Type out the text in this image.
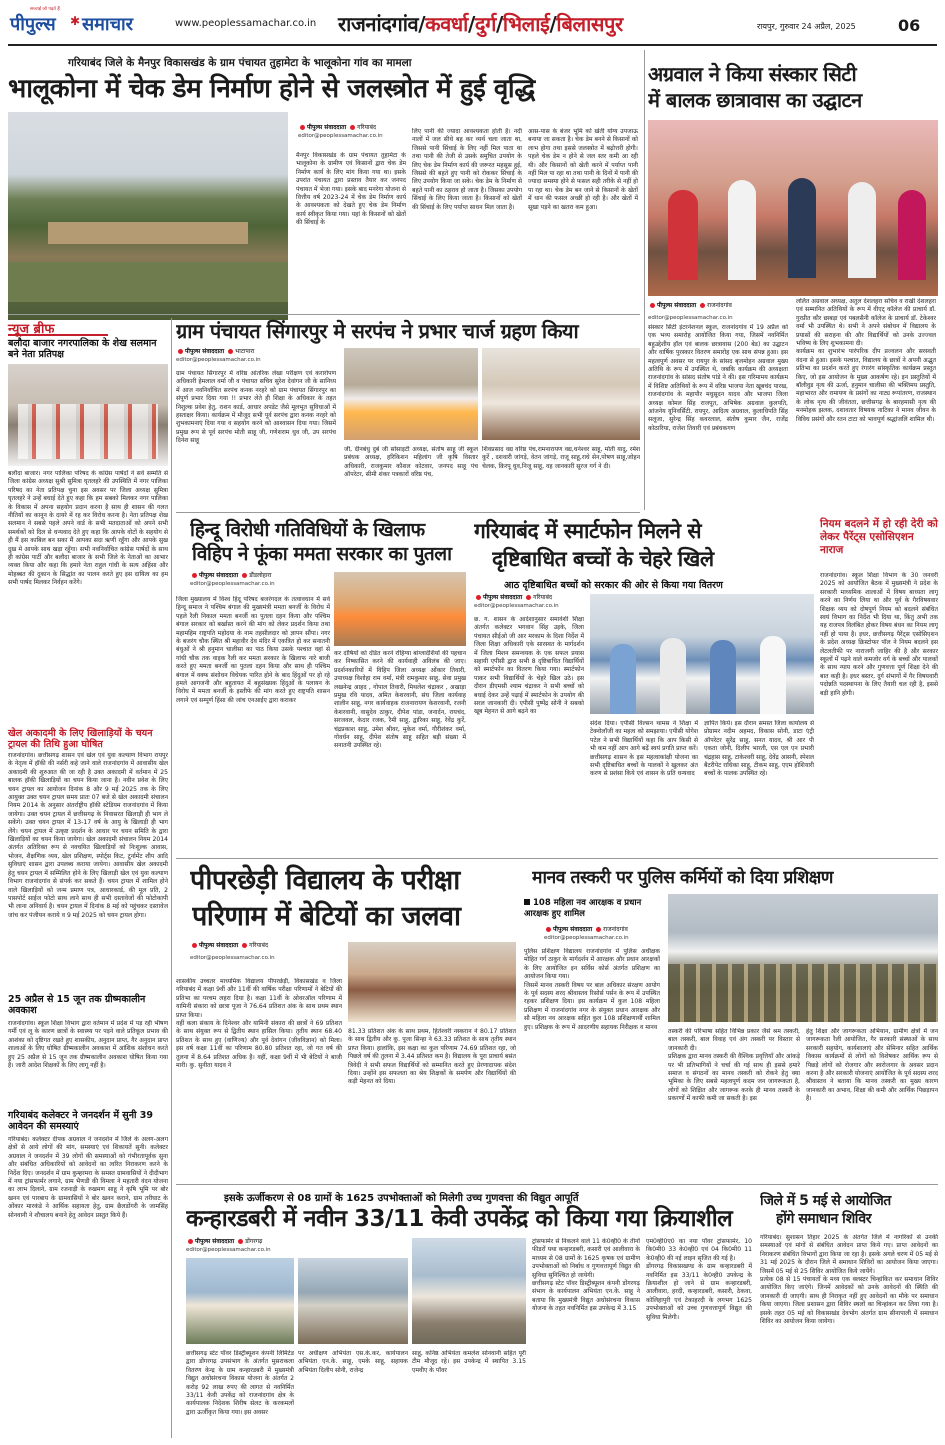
सच्चाई जो पढ़ते हैं
पीपुल्स ✱ समाचार	www.peoplessamachar.co.in राजनांदगांव/कवर्धा/दुर्ग/भिलाई/बिलासपुर	रायपुर, गुरुवार 24 अप्रैल, 2025	06
गरियाबंद जिले के मैनपुर विकासखंड के ग्राम पंचायत तुहामेटा के भालूकोना गांव का मामला
भालूकोना में चेक डेम निर्माण होने से जलस्त्रोत में हुई वृद्धि
पीपुल्स संवाददाता गरियाबंद
editor@peoplessamachar.co.in
मैनपुर विकासखंड के ग्राम पंचायत तुहामेटा के भालूकोना के ग्रामीण एवं किसानों द्वारा चेक डेम निर्माण कार्य के लिए मांग किया गया था। इसके उपरांत पंचायत द्वारा प्रस्ताव तैयार कर जनपद पंचायत में भेजा गया। इसके बाद मनरेगा योजना से वित्तीय वर्ष 2023-24 में चेक डेम निर्माण कार्य के आवश्यकता को देखते हुए चेक डेम निर्माण कार्य स्वीकृत किया गया। यहां के किसानों को खेतों की सिंचाई के
लिए पानी की ज्यादा आवश्यकता होती है। नदी नालों में जल सीधे बह कर व्यर्थ चला जाता था, जिससे पानी सिंचाई के लिए नहीं मिल पाता था तथा पानी की तेजी से उसके समुचित उपयोग के लिए चेक डेम निर्माण कार्य की जरूरत महसूस हुई, जिससे की बहते हुए पानी को रोककर सिंचाई के लिए उपयोग किया जा सके। चेक डेम के निर्माण से बहते पानी का ठहराव हो जाता है। जिसका उपयोग सिंचाई के लिए किया जाता है। किसानों को खेतों की सिंचाई के लिए पर्याप्त साधन मिल जाता है।
आस-पास के बंजर भूमि को खेती योग्य उपजाऊ बनाया जा सकता है। चेक डेम बनने से किसानों को लाभ होगा तथा इससे जलस्त्रोत में बढ़ोत्तरी होगी। पहले चेक डेम न होने से जल स्तर कमी आ रही थी। और किसानों को खेती करने में पर्याप्त पानी नहीं मिल पा रहा था तथा पानी के दिनों में पानी की ज्यादा समस्या होने से फसल सही तरीके से नहीं हो पा रहा था। चेक डेम बन जाने से किसानों के खेतों में धान की फसल अच्छी हो रही है। और खेतों में सूखा पड़ने का खतरा कम हुआ।
अग्रवाल ने किया संस्कार सिटी
में बालक छात्रावास का उद्घाटन
पीपुल्स संवाददाता राजनांदगांव
editor@peoplessamachar.co.in
संस्कार सिटी इंटरनेशनल स्कूल, राजनांदगांव में 19 अप्रैल को एक भव्य समारोह आयोजित किया गया, जिसमें नवनिर्मित बहुउद्देशीय हॉल एवं बालक छात्रावास (200 बेड) का उद्घाटन और वार्षिक पुरस्कार वितरण समारोह एक साथ संपन्न हुआ। इस महत्वपूर्ण अवसर पर रायपुर के सांसद बृजमोहन अग्रवाल मुख्य अतिथि के रूप में उपस्थित थे, जबकि कार्यक्रम की अध्यक्षता राजनांदगांव के सांसद संतोष पांडे ने की। इस गरिमामय कार्यक्रम में विशिष्ट अतिथियों के रूप में वरिष्ठ भाजपा नेता खूबचंद पारख, राजनांदगांव के महापौर मधुसूदन यादव और भाजपा जिला अध्यक्ष कोमल सिंह राजपूत, अभिषेक अग्रवाल कुलपति, आंजनेय यूनिवर्सिटी, रायपुर, आदित्य अग्रवाल, कुलाधिपति सिंह सलूजा, सुरेन्द्र सिंह कवरलाल, संतोष कुमार जैन, राजेंद्र कोठारिया, राजेश तिवारी एवं प्रबंधकगण
ललित अग्रवाल अध्यक्ष, अतुल देशलहरा सचिव व राखी देशलहरा एवं सम्मानित अतिथियों के रूप में वीएट् कॉलेज की प्राचार्य डॉ. गुरप्रीत कौर छाबड़ा एवं पबलसैनी कॉलेज के प्राचार्य डॉ. टेकेश्वर वर्मा भी उपस्थित थे। सभी ने अपने संबोधन में विद्यालय के प्रयासों की सराहना की और विद्यार्थियों को उनके उज्ज्वल भविष्य के लिए शुभकामना दी।
कार्यक्रम का शुभारंभ पारंपरिक दीप प्रज्वलन और सरस्वती वंदना से हुआ। इसके पश्चात, विद्यालय के छात्रों ने अपनी अद्भुत प्रतिभा का प्रदर्शन करते हुए रंगारंग सांस्कृतिक कार्यक्रम प्रस्तुत किए, जो इस आयोजन के मुख्य आकर्षण रहे। इन प्रस्तुतियों में बॉलीवुड नृत्य की ऊर्जा, हनुमान चालीसा की भक्तिमय प्रस्तुति, महाभारत और रामायण के प्रसंगों का नाट्य रूपांतरण, राजस्थान के लोक नृत्य की जीवंतता, छत्तीसगढ़ के बारहमासी नृत्य की मनमोहक झलक, दशावतार विषयक नाटिका ने मानव जीवन के विविध प्रसंगों और रतन टाटा को भावपूर्ण श्रद्धांजलि शामिल थी।
न्यूज ब्रीफ
बलौदा बाजार नगरपालिका के शेख सलमान बने नेता प्रतिपक्ष
बलौदा बाजार। नगर पालिका परिषद के कांग्रेस पार्षदों ने सर्व सम्मति से जिला कांग्रेस अध्यक्ष सुश्री सुमित्रा घृतलहरे की उपस्थिति में नगर पालिका परिषद का नेता प्रतिपक्ष चुना इस अवसर पर जिला अध्यक्ष सुमित्रा घृतलहरे ने उन्हें बधाई देते हुए कहा कि हम सबको मिलकर नगर पालिका के विकास में अपना सहयोग प्रदान करना है साथ ही शासन की गलत नीतियों का कानून के दायरे में रह कर विरोध करना है। नेता प्रतिपक्ष शेख सलमान ने सबसे पहले अपने वार्ड के सभी मतदाताओं को अपने सभी समर्थकों को दिल से धन्यवाद देते हुए कहा कि आपके वोटों के सहयोग से ही मैं इस काबिल बन सका मैं आपका सदा ऋणी रहूँगा और आपके सुख दुख मे आपके साथ खड़ा रहूँगा। सभी नवनिर्वाचित कांग्रेस पार्षदों के साथ ही कांग्रेस पार्टी और बलौदा बाजार के सभी जिले के नेताओं का आभार व्यक्त किया और कहा कि हमारे नेता राहुल गांधी के सत्य अहिंसा और मोहब्बत की दुकान के सिद्धांत का पालन करते हुए इस दायित्व का हम सभी पार्षद मिलकर निर्वहन करेंगे।
खेल अकादमी के लिए खिलाड़ियों के चयन ट्रायल की तिथि हुआ घोषित
राजनांदगांव। छत्तीसगढ़ शासन एवं खेल एवं युवा कल्याण विभाग रायपुर के नेतृत्व में हॉकी की नर्सरी कहे जाने वाले राजनांदगांव में आवासीय खेल अकादमी की शुरुआत की जा रही है उक्त अकादमी में वर्तमान में 25 बालक हॉकी खिलाड़ियों का चयन किया जाना है। नवीन प्रवेश के लिए चयन ट्रायल का आयोजन दिनांक 8 और 9 मई 2025 तक के लिए आयुक्त उक्त चयन ट्रायल समय प्रातः 07 बजे से खेल अकादमी संचालन नियम 2014 के अनुसार अंतर्राष्ट्रीय हॉकी स्टेडियम राजनांदगांव में किया जायेगा। उक्त चयन ट्रायल में छत्तीसगढ़ के निवासरत खिलाड़ी ही भाग ले सकेंगे। उक्त चयन ट्रायल में 13-17 वर्ष के आयु के खिलाड़ी ही भाग लेंगे। चयन ट्रायल में उत्कृष्ट प्रदर्शन के आधार पर चयन समिति के द्वारा खिलाड़ियों का चयन किया जायेगा। खेल अकादमी संचालन नियम 2014 अंतर्गत अतिरिक्त रूप से नवचयित खिलाड़ियों को निःशुल्क आवास, भोजन, शैक्षणिक व्यय, खेल प्रशिक्षण, स्पोर्ट्स किट, टूर्नामेंट शीप आदि सुविधाएं शासन द्वारा उपलब्ध कराया जायेगा। आवासीय खेल अकादमी हेतु चयन ट्रायल में सम्मिलित होने के लिए खिलाड़ी खेल एवं युवा कल्याण विभाग राजनांदगांव से संपर्क कर सकते हैं। चयन ट्रायल में शामिल होने वाले खिलाड़ियों को जन्म प्रमाण पत्र, आधारकार्ड, की मूल प्रति, 2 पासपोर्ट साईज फोटो साथ लाने साथ ही सभी दस्तावेजों की फोटोकापी भी लाना अनिवार्य है। चयन ट्रायल में दिनांक 8 मई को पहुंचकर दस्तावेज जांच कर पंजीयन कराये व 9 मई 2025 को चयन ट्रायल होगा।
25 अप्रैल से 15 जून तक ग्रीष्मकालीन अवकाश
राजनांदगांव। स्कूल शिक्षा विभाग द्वारा वर्तमान में प्रदेश में पड़ रही भीषण गर्मी एवं लू के कारण छात्रों के स्वास्थ्य पर पड़ने वाले प्रतिकूल प्रभाव की आशंका को दृष्टिगत रखते हुए शासकीय, अनुदान प्राप्त, गैर अनुदान प्राप्त शालाओं के लिए घोषित ग्रीष्मकालीन अवकाश में आंशिक संशोधन करते हुए 25 अप्रैल से 15 जून तक ग्रीष्मकालीन अवकाश घोषित किया गया है। जारी आदेश शिक्षकों के लिए लागू नहीं है।
गरियाबंद कलेक्टर ने जनदर्शन में सुनी 39 आवेदन की समस्याएं
गरियाबंद। कलेक्टर दीपक अग्रवाल ने जनदर्शन में जिले के अलग-अलग क्षेत्रों से आये लोगों की मांग, समस्याएं एवं शिकायतें सुनी। कलेक्टर अग्रवाल ने जनदर्शन में 39 लोगों की समस्याओं को गंभीरतापूर्वक सुना और संबंधित अधिकारियों को आवेदनों का त्वरित निराकरण करने के निर्देश दिए। जनदर्शन में ग्राम कुम्हरमरा के समस्त ग्रामवासियों ने दीदीभाग में नया ट्रांसफार्मर लगाने, ग्राम भैणडी की विमला ने महतारी वंदन योजना का लाभ दिलाने, ग्राम रजनाड़ी के रुखमण साहू ने कृषि भूमि पर बोर खनन एवं पारबाय के ग्रामवासियों ने बोर खनन कराने, ग्राम तरीघाट के ओंकार मारकंडे ने आर्थिक सहायता हेतु, ग्राम छैलडोंगरी के जामसिंह सोनवानी ने शौचालय बनाने हेतु आवेदन प्रस्तुत किये हैं।
ग्राम पंचायत सिंगारपुर मे सरपंच ने प्रभार चार्ज ग्रहण किया
पीपुल्स संवाददाता भाटापारा
editor@peoplessamachar.co.in
ग्राम पंचायत सिंगारपुर में वरिष्ठ आंतरिक लेखा परीक्षण एवं करारोपण अधिकारी हेमलाल वर्मा जी व पंचायत सचिव सुरेश देवांगन जी के सानिध्य में आज नवनिर्वाचित सरपंच कनक नरहरे को ग्राम पंचायत सिंगारपुर का संपूर्ण प्रभार दिया गया !! प्रभार लेते ही शिक्षा के अधिकार के तहत निशुल्क प्रवेश हेतु, राशन कार्ड, आधार अपडेट जैसे मूलभूत सुविधाओं में हस्ताक्षर किया। कार्यक्रम में मौजूद सभी पूर्व सरपंच द्वारा कनक नरहरे को शुभकामनाएं दिया गया व सहयोग करने को आश्वासन दिया गया। जिसमें प्रमुख रूप से पूर्व सरपंच मोती साहू जी, गणेशराम धुव जी, उप सरपंच दिनेश साहू
जी, दीनबंधु दुबे जी सोसाइटी अध्यक्ष, संतोष साहू जी स्कूल प्रबंधक अध्यक्ष, हरिकिशन महिलांग जी कृषि विस्तार अधिकारी, राजकुमार कौशल कोटवार, जनपद साहू पंच ऑपरेटर, सीमी शंकर पत्रकारों वरिष्ठ पंच,
शिवप्रसाद वद्य वरिष्ठ पंच,रामनारायण वद्य,धनेश्वर साहू, मोती यादु, रमेश कुर्रे , दशवारी जांगड़े, वेतन जांगड़े, राजू साहू,राधे सेन,पोषण साहू,जोहन चेलक, क़िरपू धुव,निजू साहू, वह जानकारी सूरज गर्ग ने दी।
हिन्दू विरोधी गतिविधियों के खिलाफ
विहिप ने फूंका ममता सरकार का पुतला
पीपुल्स संवाददाता डौंडलोहारा
editor@peoplessamachar.co.in
जिला मुख्यालय में विश्व हिंदू परिषद बजरंगदल के तत्वावधान में सर्व हिन्दू समाज ने पश्चिम बंगाल की मुख्यमंत्री ममता बनर्जी के विरोध में पहले रैली निकाल ममता बनर्जी का पुतला दहन किया और पश्चिम बंगाल सरकार को बर्खास्त करने की मांग को लेकर प्रदर्शन किया तथा महामहिम राष्ट्रपति महोदया के नाम तहसीलदार को ज्ञापन सौंपा। नगर के बजरंग चौक स्थित श्री महावीर देव मंदिर में एकत्रित हो कर सनातनी बंधुओं ने श्री हनुमान चालीसा का पाठ किया उसके पश्चात वहां से गांधी चौक तक वाइक रैली कर ममता सरकार के खिलाफ नारे बाजी करते हुए ममता बनर्जी का पुतला दहन किया और साथ ही पश्चिम बंगाल में वक्फ संशोधन विधेयक पारित होने के बाद हिंदुओं पर हो रहे हमले आगजनी और बहुतायत में बहुसंख्यक हिंदुओं के पलायन के विरोध में ममता बनर्जी के इस्तीफे की मांग करते हुए राष्ट्रपति शासन लगाने एवं सम्पूर्ण हिंसा की जांच एनआईए द्वारा कराकर
कर दोषियों को दंडित करने रोहिंग्या बांग्लादेशियों की पहचान कर निष्कासित करने की कार्यवाही अविलंब की जाए। प्रदर्शनकारियों में विहिप जिला अध्यक्ष ओंकार तिवारी, उपाध्यक्ष विशोहा राम वर्मा, मंत्री रामकुमार साहू, सेवा प्रमुख लखनेन्द्र आहद , गोपाल तिवारी, मिथलेश चंद्राकर , अखाड़ा प्रमुख रवि यादव, अमित केशरवानी, संघ जिला कार्यवाह शालीन साहू, नगर कार्यवाहक राजनारायण केशरवानी, रजनी केशरवानी, वासुदेव ठाकुर, दीपेश पांडा, जनार्दन, रायचंद, सरजवल, केदार रजक, रैमी साहू, द्वारिका साहू, रेवेंद्र कुर्रे, चंद्रप्रकाश साहू, उमेश श्रीवर, मुकेश वर्मा, गौरीशंकर वर्मा, गोवर्धन साहू, दीपेश संतोष साहू सहित बड़ी संख्या में सनातनी उपस्थित रहे।
गरियाबंद में स्मार्टफोन मिलने से
दृष्टिबाधित बच्चों के चेहरे खिले
आठ दृष्टिबाधित बच्चों को सरकार की ओर से किया गया वितरण
पीपुल्स संवाददाता गरियाबंद
editor@peoplessamachar.co.in
छ. ग. शासन के आदेशानुसार समावेशी शिक्षा अंतर्गत कलेक्टर भगवान सिंह उइके, जिला पंचायत सीईओ जी आर मरकाम के दिशा निर्देश में जिला शिक्षा अधिकारी एके सारस्वत के मार्गदर्शन में जिला मिशन समन्वयक के एक सफल प्रयास सहायी एपीसी द्वारा सभी 8 दृष्टिबाधित विद्यार्थियों को स्मार्टफोन का वितरण किया गया। स्मार्टफोन पाकर सभी विद्यार्थियों के चेहरे खिल उठे। इस दौरान डीएमसी श्याम चंद्राकर ने सभी बच्चों को बधाई देकर उन्हें पढ़ाई में स्मार्टफोन के उपयोग की सरल जानकारी दी। एपीसी पुष्पेंद्र सोनी ने सबको खूब मेहनत से आगे बढ़ने का
संदेश दिया। एपीसी विल्सन थामस ने शिक्षा में टेक्नोलॉजी का महत्व को समझाया। एपीसी योगेश पटेल ने सभी विद्यार्थियों कहा कि आप किसी से भी कम नहीं आप आगे बढ़ें स्वयं प्रगति प्राप्त करें। छत्तीसगढ़ शासन के इस महत्वाकांक्षी योजना का सभी दृष्टिबाधित बच्चों के पालकों ने खुलकर अंत करण से प्रशंसा किये एवं शासन के प्रति धन्यवाद
ज्ञापित किये। इस दौरान समस्त जिला कार्यालय से प्रोग्रामर नदीम अहमद, विकास सोनी, डाटा एंट्री ऑपरेटर सुरेंद्र साहू, सनत यादव, श्री आर पी एकता जोनी, दिलीप भारती, एस एल एन प्रभारी चंद्रहास साहू, टाकेश्वरी साहू, देवेंद्र आसनी, स्पेशल बैटरीपेट राधिका साहू, टीकम साहू, एएम होशियारी बच्चों के पालक उपस्थित रहे।
नियम बदलने में हो रही देरी को लेकर पैरेंट्स एसोसिएशन नाराज
राजनांदगांव। स्कूल शिक्षा विभाग के 30 जनवरी 2025 को आयोजित बैठक में मुख्यमंत्री ने प्रदेश के सरकारी माध्यमिक शालाओं में विषय बाध्यता लागू करने का निर्णय लिया था और पूर्व के गैरविषयवार शिक्षक व्यय को दोषपूर्ण नियम को बदलने संबंधित स्वयं विभाग का निर्देश भी दिया था, किंतु अभी तक यह राजपत्र विलंबित होकर विषय बंधन का नियम लागू नहीं हो पाया है। इधर, छत्तीसगढ़ पैरेंट्स एसोसिएशन के प्रदेश अध्यक्ष क्रिस्टोफर पॉल ने नियम बदलने इस लेटलतीफी पर नाराजगी जाहिर की है और सरकार स्कूलों में पढ़ने वाले कमजोर वर्ग के बच्चों और पालकों के साथ न्याय करने और गुणवत्ता पूर्ण शिक्षा देने की बात कही है। इधर बस्तर, दुर्ग संभागों में गैर विषयवारी पदोन्नति पदस्थापना के लिए तैयारी चल रही है, इससे बड़ी हानि होगी।
पीपरछेड़ी विद्यालय के परीक्षा
परिणाम में बेटियों का जलवा
पीपुल्स संवाददाता गरियाबंद
editor@peoplessamachar.co.in
शासकीय उच्चतर माध्यमिक विद्यालय पीपरछेड़ी, विकासखंड व जिला गरियाबंद में कक्षा 9वीं और 11वीं की वार्षिक परीक्षा परिणामों ने बेटियों की प्रतिभा का परचम लहरा दिया है। कक्षा 11वीं के ओवरऑल परिणाम में यामिनी संकारा को छात्रा पूजा ने 76.64 प्रतिशत अंक के साथ प्रथम स्थान प्राप्त किया।
वहीं कला संकाय के दिनेश्वर और यामिनी संकारा की छात्रों ने 69 प्रतिशत के साथ संयुक्त रूप से द्वितीय स्थान हासिल किया। तृतीय स्थान 68.40 प्रतिशत के साथ हुए (वाणिज्य) और पूर्व देवांगन (जीवविज्ञान) को मिला। इस वर्ष कक्षा 11वीं का परिणाम 80.80 प्रतिशत रहा, जो गत वर्ष की तुलना में 8.64 प्रतिशत अधिक है। वहीं, कक्षा 9वीं में भी बेटियों ने बाजी मारी। कु. सुनीता यादव ने
81.33 प्रतिशत अंक के साथ प्रथम, हितेश्वरी नस्करान ने 80.17 प्रतिशत के साथ द्वितीय और कु. पूजा सिन्हा ने 63.33 प्रतिशत के साथ तृतीय स्थान प्राप्त किया। हालांकि, इस कक्षा का कुल परिणाम 74.69 प्रतिशत रहा, जो पिछले वर्ष की तुलना में 3.44 प्रतिशत कम है। विद्यालय के पूरा प्राचार्य बसंत त्रिवेदी ने सभी सफल विद्यार्थियों को सम्मानित करते हुए प्रेरणादायक संदेश दिया। उन्होंने इस सफलता का श्रेय शिक्षकों के समर्पण और विद्यार्थियों की कड़ी मेहनत को दिया।
मानव तस्करी पर पुलिस कर्मियों को दिया प्रशिक्षण
108 महिला नव आरक्षक व प्रधान आरक्षक हुए शामिल
पीपुल्स संवाददाता राजनांदगांव
editor@peoplessamachar.co.in
पुलिस प्रशिक्षण विद्यालय राजनांदगांव में पुलिस अधीक्षक मोहित गर्ग ठाकुर के मार्गदर्शन में आरक्षक और प्रधान आरक्षकों के लिए आयोजित इन सर्विस कोर्स अंतर्गत प्रशिक्षण का आयोजन किया गया।
जिसमें मानव तस्करी विषय पर बाल अधिकार संरक्षण आयोग के पूर्व सदस्य शरद श्रीवास्तव रिसोर्स पर्सन के रूप में उपस्थित रहकर प्रशिक्षण दिया। इस कार्यक्रम में कुल 108 महिला प्रशिक्षण में राजनांदगांव नगर के संयुक्त प्रधान आरक्षक और सौ महिला नव आरक्षक सहित कुल 108 प्रशिक्षणार्थी शामिल हुए। प्रशिक्षक के रूप में आदरणीय सहायक निरीक्षक व मानव
तस्करी की परिभाषा सहित विभिन्न प्रकार जैसे श्रम तस्करी, बाल तस्करी, बाल विवाह एवं अंग तस्करी पर विस्तार से जानकारी दी।
प्रशिक्षक द्वारा मानव तस्करी की वैश्विक प्रवृत्तियाँ और आंकड़े पर भी प्रतिभागियों ने चर्चा की गई साथ ही इससे हमारे समाज व संगठनों का मानव तस्करी को रोकने हेतु क्या भूमिका के लिए सबसे महत्वपूर्ण कदम जन जागरूकता है, लोगों को शिक्षित और जागरूक करके ही मानव तस्करी के प्रकरणों में काफी कमी जा सकती है। इस
हेतु शिक्षा और जागरूकता अभियान, ग्रामीण क्षेत्रों में जन जागरूकता रैली आयोजित, गैर सरकारी संस्थाओं के साथ सरकारी सहयोग, कार्यशालाएं और सेमिनार सहित आर्थिक विकास कार्यक्रमों से लोगों को विशेषकर आर्थिक रूप से पिछड़े लोगों को रोजगार और स्वरोजगार के अवसर प्रदान करना है और सरकारी योजनाएं आयोजित के पूर्व सदस्य शरद श्रीवास्तव ने बताया कि मानव तस्करी का मुख्य कारण जानकारी का अभाव, शिक्षा की कमी और आर्थिक पिछड़ापन है।
इसके ऊर्जीकरण से 08 ग्रामों के 1625 उपभोक्ताओं को मिलेगी उच्च गुणवत्ता की विद्युत आपूर्ति
कन्हारडबरी में नवीन 33/11 केवी उपकेंद्र को किया गया क्रियाशील
पीपुल्स संवाददाता डोंगरगढ़
editor@peoplessamachar.co.in
छत्तीसगढ़ स्टेट पॉवर डिस्ट्रीब्यूशन कंपनी लिमिटेड द्वारा डोंगरगढ़ उपसंभाग के अंतर्गत मुसराकला वितरण केन्द्र के ग्राम कन्हारडबरी में मुख्यमंत्री विद्युत अधोसंरचना विकास योजना के अंतर्गत 2 करोड़ 92 लाख रुपए की लागत से नवनिर्मित 33/11 केवी उपकेंद्र को राजनांदगांव क्षेत्र के कार्यपालक निदेशक शिरीष सेलट के करकमलों द्वारा ऊर्जीकृत किया गया। इस अवसर
पर अधीक्षण अभियंता एस.के.कर, कार्यपालन अभियंता एन.के. साहू, एमके साहू, सहायक अभियंता दिलीप सोनी, राजेन्द्र
साहू, कनिष्ठ अभियंता कमलेश सोनवानी सहित पूरी टीम मौजूद रहे। इस उपकेन्द्र में स्थापित 3.15 एमवीए के पॉवर
ट्रांसफार्मर से निकलने वाले 11 के0व्ही0 के तीनों फीडरों यथा कन्हारडबरी, कसारी एवं आलीवारा के माध्यम से 08 ग्रामों के 1625 कृषक एवं ग्रामीण उपभोक्ताओं को निर्बाध व गुणवत्तापूर्ण विद्युत की सुविधा सुनिश्चित हो जायेगी।
छत्तीसगढ़ स्टेट पॉवर डिस्ट्रीब्यूशन कंपनी डोंगरगढ़ संभाग के कार्यपालन अभियंता एन.के. साहू ने बताया कि मुख्यमंत्री विद्युत अधोसंरचना विकास योजना के तहत नवनिर्मित इस उपकेन्द्र में 3.15
एम0व्ही0ए0 का नया पॉवर ट्रांसफार्मर, 10 कि0मी0 33 के0व्ही0 एवं 04 कि0मी0 11 के0व्ही0 की नई लाइन सृजित की गई है।
डोंगरगढ़ विकासखण्ड के ग्राम कन्हारडबरी में नवनिर्मित इस 33/11 के0व्ही0 उपकेन्द्र के क्रियाशील हो जाने से ग्राम कन्हारडबरी, आलीवारा, हरदी, कन्हारडबरी, कसारी, ठेकवा, कोलिहापुरी एवं टेकाहरदी के लगभग 1625 उपभोक्ताओं को उच्च गुणवत्तापूर्ण विद्युत की सुविधा मिलेगी।
जिले में 5 मई से आयोजित
होंगे समाधान शिविर
गरियाबंद। सुशासन तिहार 2025 के अंतर्गत जिले में नागरिकों से उनकी समस्याओं एवं मांगों से संबंधित आवेदन प्राप्त किये गए। प्राप्त आवेदनों का निराकरण संबंधित विभागों द्वारा किया जा रहा है। इसके अगले चरण में 05 मई से 31 मई 2025 के दौरान जिले में समाधान शिविरों का आयोजन किया जाएगा। जिसमें 05 मई से 25 शिविर आयोजित किये जायेंगे।
प्रत्येक 08 से 15 पंचायतों के मध्य एक क्लस्टर चिन्हांकित कर समाधान शिविर आयोजित किए जाएंगे। जिनमें आवेदकों को उनके आवेदनों की स्थिति की जानकारी दी जाएगी। साथ ही निराकृत नहीं हुए आवेदनों का मौके पर समाधान किया जाएगा। जिला प्रशासन द्वारा शिविर स्थलों का चिन्हांकन कर लिया गया है। इसके तहत 05 मई को विकासखंड देवभोग अंतर्गत ग्राम सीनापाली में समाधान शिविर का आयोजन किया जायेगा।
